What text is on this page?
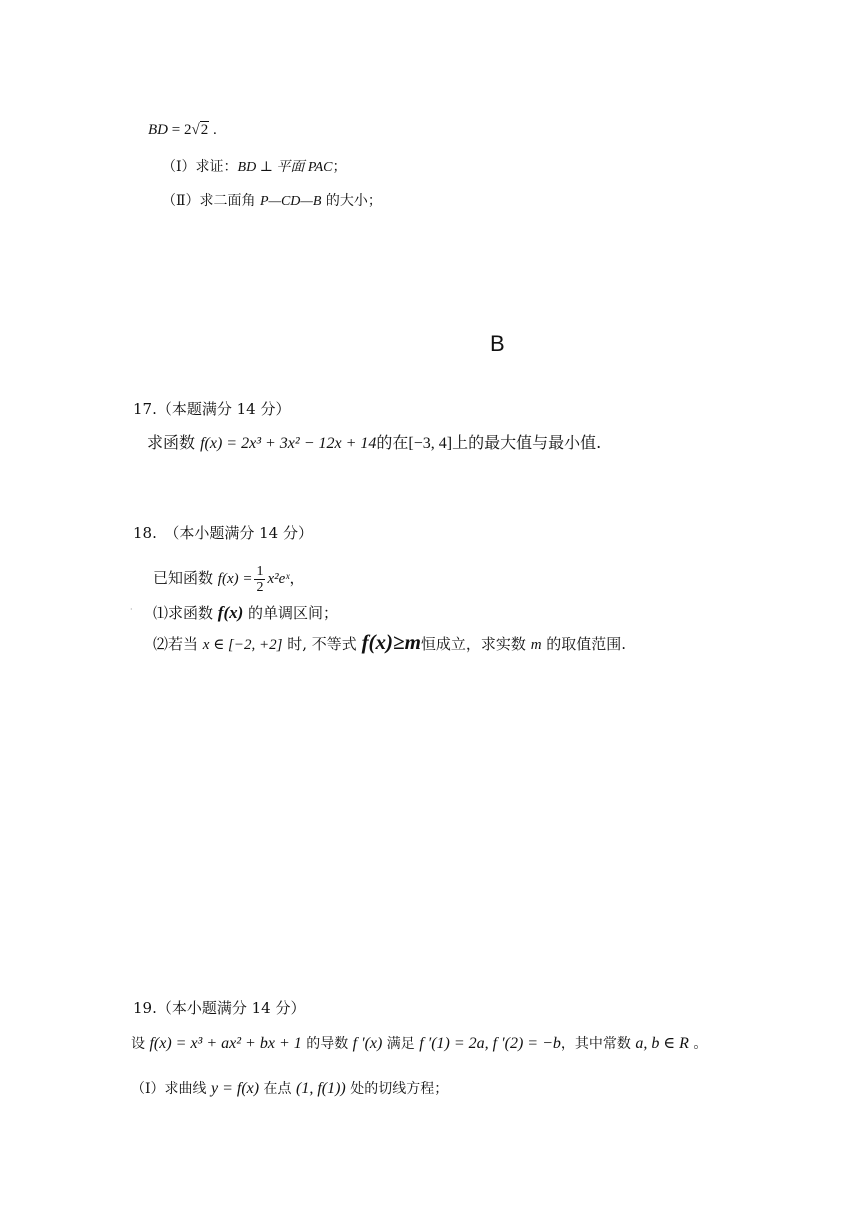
BD = 2√2 .
（Ⅰ）求证：BD ⊥ 平面 PAC；
（Ⅱ）求二面角 P—CD—B 的大小；
B
17.（本题满分 14 分）
求函数 f(x) = 2x³ + 3x² − 12x + 14的在[−3, 4]上的最大值与最小值.
18.　（本小题满分 14 分）
已知函数 $f(x) = \frac{1}{2}$ x²eˣ，
· ⑴求函数 f(x) 的单调区间；
⑵若当 x ∈ [−2, +2] 时, 不等式 f(x)≥m恒成立，求实数 m 的取值范围.
19.（本小题满分 14 分）
设 f(x) = x³ + ax² + bx + 1 的导数 f ′(x) 满足 f ′(1) = 2a, f ′(2) = −b，其中常数 a, b ∈ R 。
（Ⅰ）求曲线 y = f(x) 在点 (1, f(1)) 处的切线方程；
